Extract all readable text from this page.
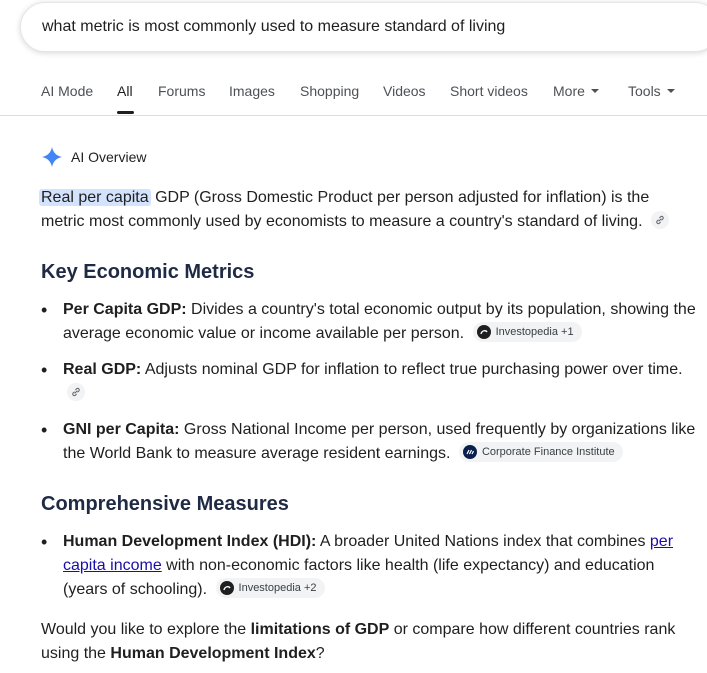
what metric is most commonly used to measure standard of living
AI Mode All Forums Images Shopping Videos Short videos More	Tools
AI Overview
Real per capita GDP (Gross Domestic Product per person adjusted for inflation) is the metric most commonly used by economists to measure a country's standard of living.
Key Economic Metrics
• Per Capita GDP: Divides a country's total economic output by its population, showing the average economic value or income available per person.	Investopedia +1
• Real GDP: Adjusts nominal GDP for inflation to reflect true purchasing power over time.
• GNI per Capita: Gross National Income per person, used frequently by organizations like the World Bank to measure average resident earnings.	Corporate Finance Institute
Comprehensive Measures
• Human Development Index (HDI): A broader United Nations index that combines per capita income with non-economic factors like health (life expectancy) and education (years of schooling).	Investopedia +2
Would you like to explore the limitations of GDP or compare how different countries rank using the Human Development Index?
